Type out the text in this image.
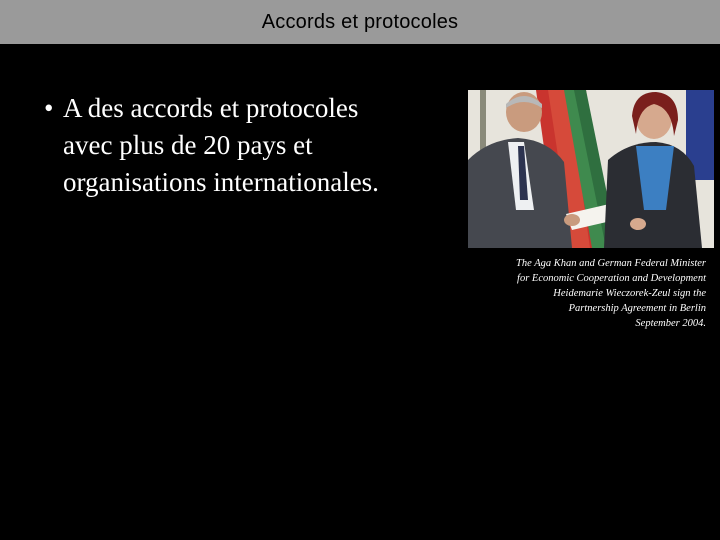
Accords et protocoles
• A des accords et protocoles avec plus de 20 pays et organisations internationales.
The Aga Khan and German Federal Minister
for Economic Cooperation and Development
Heidemarie Wieczorek-Zeul sign the
Partnership Agreement in Berlin
September 2004.
